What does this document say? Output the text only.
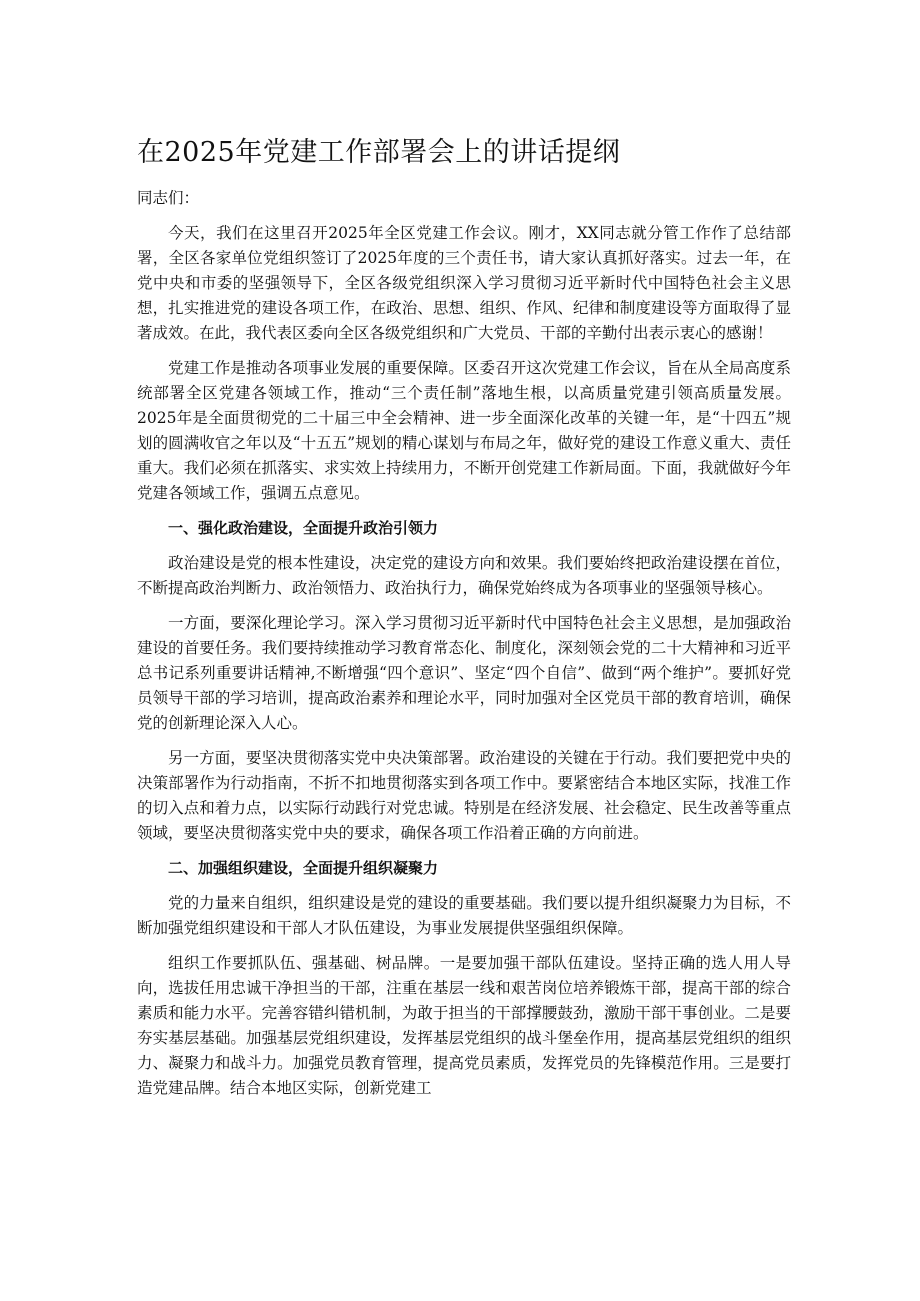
在2025年党建工作部署会上的讲话提纲
同志们：

今天，我们在这里召开2025年全区党建工作会议。刚才，XX同志就分管工作作了总结部署，全区各家单位党组织签订了2025年度的三个责任书，请大家认真抓好落实。过去一年，在党中央和市委的坚强领导下，全区各级党组织深入学习贯彻习近平新时代中国特色社会主义思想，扎实推进党的建设各项工作，在政治、思想、组织、作风、纪律和制度建设等方面取得了显著成效。在此，我代表区委向全区各级党组织和广大党员、干部的辛勤付出表示衷心的感谢！

党建工作是推动各项事业发展的重要保障。区委召开这次党建工作会议，旨在从全局高度系统部署全区党建各领域工作，推动“三个责任制”落地生根，以高质量党建引领高质量发展。2025年是全面贯彻党的二十届三中全会精神、进一步全面深化改革的关键一年，是“十四五”规划的圆满收官之年以及“十五五”规划的精心谋划与布局之年，做好党的建设工作意义重大、责任重大。我们必须在抓落实、求实效上持续用力，不断开创党建工作新局面。下面，我就做好今年党建各领域工作，强调五点意见。

一、强化政治建设，全面提升政治引领力

政治建设是党的根本性建设，决定党的建设方向和效果。我们要始终把政治建设摆在首位，不断提高政治判断力、政治领悟力、政治执行力，确保党始终成为各项事业的坚强领导核心。

一方面，要深化理论学习。深入学习贯彻习近平新时代中国特色社会主义思想，是加强政治建设的首要任务。我们要持续推动学习教育常态化、制度化，深刻领会党的二十大精神和习近平总书记系列重要讲话精神,不断增强“四个意识”、坚定“四个自信”、做到“两个维护”。要抓好党员领导干部的学习培训，提高政治素养和理论水平，同时加强对全区党员干部的教育培训，确保党的创新理论深入人心。

另一方面，要坚决贯彻落实党中央决策部署。政治建设的关键在于行动。我们要把党中央的决策部署作为行动指南，不折不扣地贯彻落实到各项工作中。要紧密结合本地区实际，找准工作的切入点和着力点，以实际行动践行对党忠诚。特别是在经济发展、社会稳定、民生改善等重点领域，要坚决贯彻落实党中央的要求，确保各项工作沿着正确的方向前进。

二、加强组织建设，全面提升组织凝聚力

党的力量来自组织，组织建设是党的建设的重要基础。我们要以提升组织凝聚力为目标，不断加强党组织建设和干部人才队伍建设，为事业发展提供坚强组织保障。

组织工作要抓队伍、强基础、树品牌。一是要加强干部队伍建设。坚持正确的选人用人导向，选拔任用忠诚干净担当的干部，注重在基层一线和艰苦岗位培养锻炼干部，提高干部的综合素质和能力水平。完善容错纠错机制，为敢于担当的干部撑腰鼓劲，激励干部干事创业。二是要夯实基层基础。加强基层党组织建设，发挥基层党组织的战斗堡垒作用，提高基层党组织的组织力、凝聚力和战斗力。加强党员教育管理，提高党员素质，发挥党员的先锋模范作用。三是要打造党建品牌。结合本地区实际，创新党建工
